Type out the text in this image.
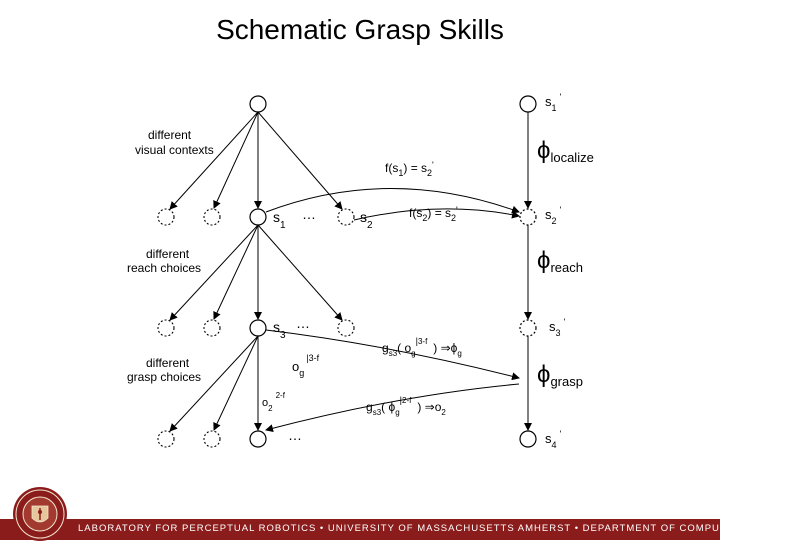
Schematic Grasp Skills
different
visual contexts
different
reach choices
different
grasp choices
$s_1$
…	$s_2$
$s_3$
…
…
$o_g^|3-f$
$o_2^{2-f}$
$f(s_1) = s_2'$
$f(s_2) = s_2'$
$g_{s3}$( $o_g^|3-f$ ) $\Rightarrow\phi_g$
$g_{s3}$( $\phi_g^|2-f$ ) $\Rightarrow o_2$
$s_1'$
$s_2'$
$s_3'$
$s_4'$
ϕlocalize
ϕreach
ϕgrasp
LABORATORY FOR PERCEPTUAL ROBOTICS • UNIVERSITY OF MASSACHUSETTS AMHERST • DEPARTMENT OF COMPUTER SCIENCE
